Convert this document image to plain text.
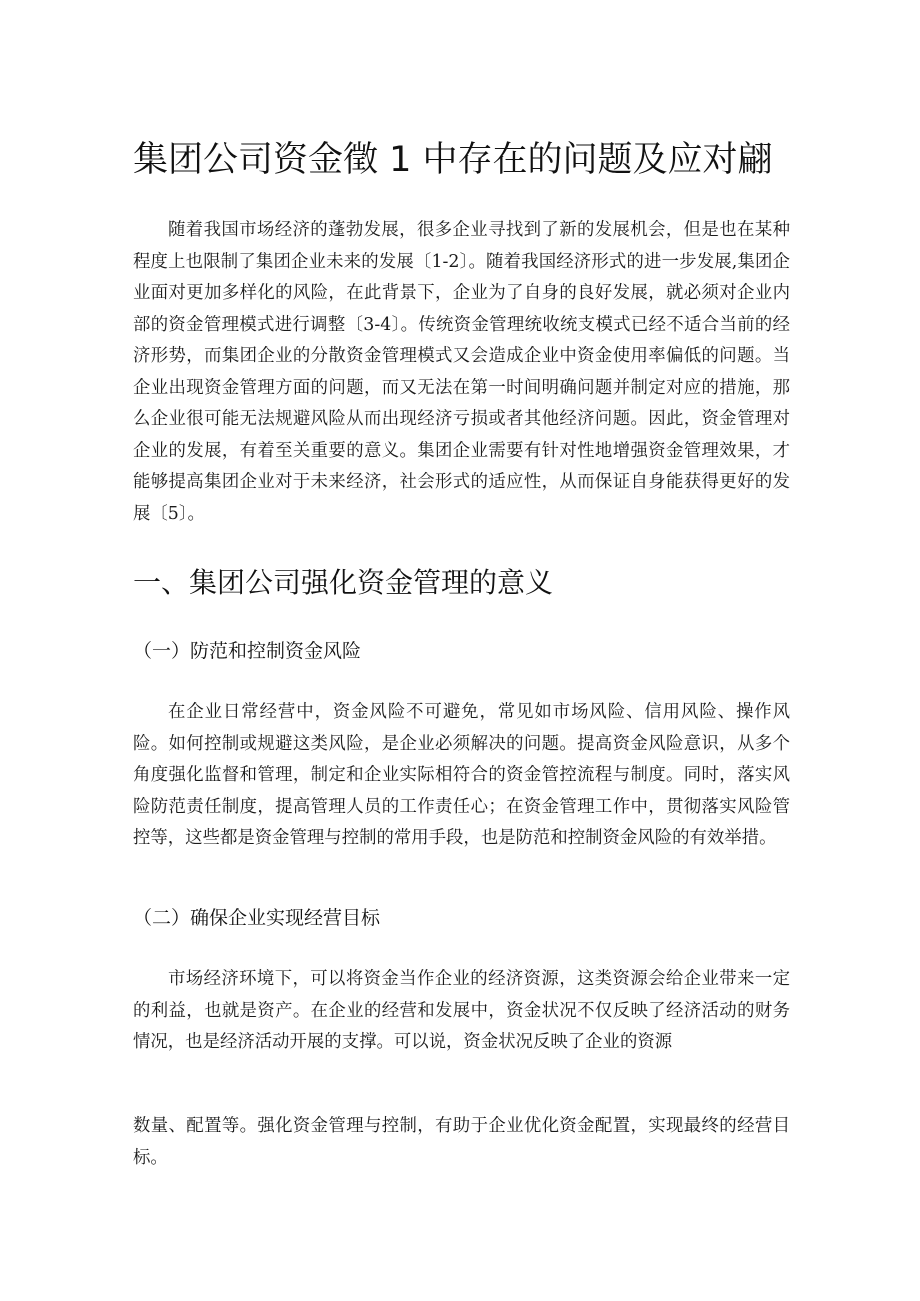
集团公司资金徵 1 中存在的问题及应对翩

随着我国市场经济的蓬勃发展，很多企业寻找到了新的发展机会，但是也在某种程度上也限制了集团企业未来的发展〔1-2〕。随着我国经济形式的进一步发展,集团企业面对更加多样化的风险，在此背景下，企业为了自身的良好发展，就必须对企业内部的资金管理模式进行调整〔3-4〕。传统资金管理统收统支模式已经不适合当前的经济形势，而集团企业的分散资金管理模式又会造成企业中资金使用率偏低的问题。当企业出现资金管理方面的问题，而又无法在第一时间明确问题并制定对应的措施，那么企业很可能无法规避风险从而出现经济亏损或者其他经济问题。因此，资金管理对企业的发展，有着至关重要的意义。集团企业需要有针对性地增强资金管理效果，才能够提高集团企业对于未来经济，社会形式的适应性，从而保证自身能获得更好的发展〔5〕。

一、集团公司强化资金管理的意义
（一）防范和控制资金风险

在企业日常经营中，资金风险不可避免，常见如市场风险、信用风险、操作风险。如何控制或规避这类风险，是企业必须解决的问题。提高资金风险意识，从多个角度强化监督和管理，制定和企业实际相符合的资金管控流程与制度。同时，落实风险防范责任制度，提高管理人员的工作责任心；在资金管理工作中，贯彻落实风险管控等，这些都是资金管理与控制的常用手段，也是防范和控制资金风险的有效举措。

（二）确保企业实现经营目标

市场经济环境下，可以将资金当作企业的经济资源，这类资源会给企业带来一定的利益，也就是资产。在企业的经营和发展中，资金状况不仅反映了经济活动的财务情况，也是经济活动开展的支撑。可以说，资金状况反映了企业的资源

数量、配置等。强化资金管理与控制，有助于企业优化资金配置，实现最终的经营目标。
